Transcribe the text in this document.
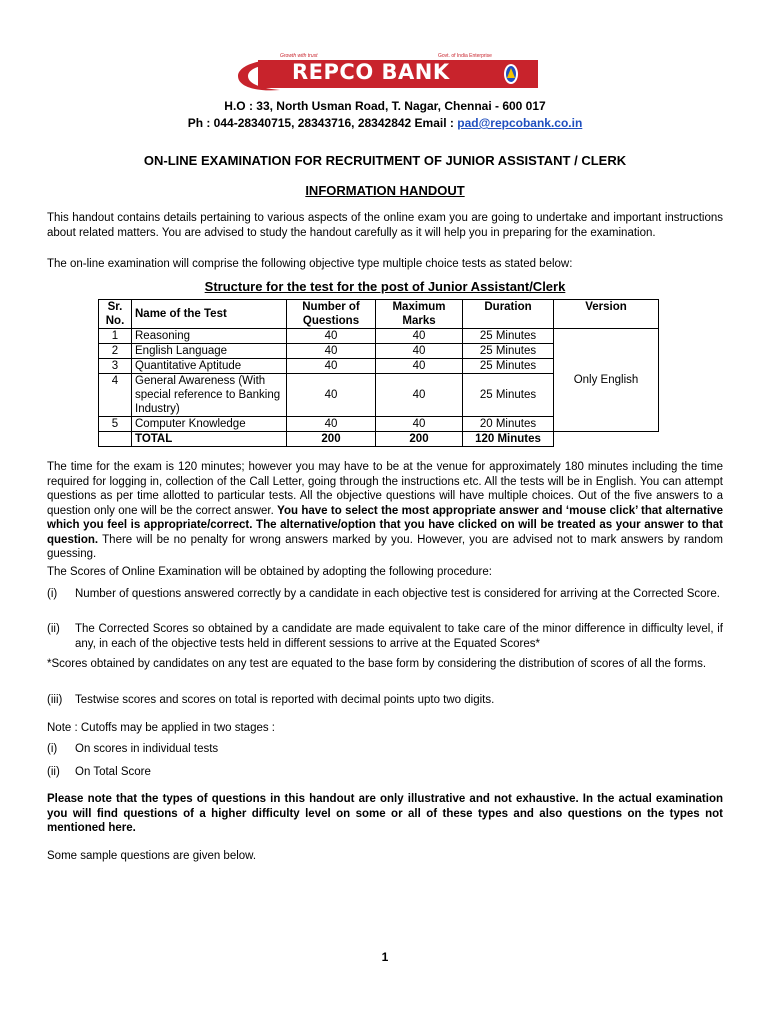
REPCO BANK
Growth with trust	Govt. of India Enterprise
H.O : 33, North Usman Road, T. Nagar, Chennai - 600 017
Ph : 044-28340715, 28343716, 28342842 Email : pad@repcobank.co.in
ON-LINE EXAMINATION FOR RECRUITMENT OF JUNIOR ASSISTANT / CLERK
INFORMATION HANDOUT
This handout contains details pertaining to various aspects of the online exam you are going to undertake and important instructions about related matters. You are advised to study the handout carefully as it will help you in preparing for the examination.
The on-line examination will comprise the following objective type multiple choice tests as stated below:
Structure for the test for the post of Junior Assistant/Clerk
Sr. No.	Name of the Test	Number of Questions	Maximum Marks	Duration	Version
1	Reasoning	40	40	25 Minutes	Only English
2	English Language	40	40	25 Minutes	
3	Quantitative Aptitude	40	40	25 Minutes	
4	General Awareness (With special reference to Banking Industry)	40	40	25 Minutes	
5	Computer Knowledge	40	40	20 Minutes	
	TOTAL	200	200	120 Minutes	
The time for the exam is 120 minutes; however you may have to be at the venue for approximately 180 minutes including the time required for logging in, collection of the Call Letter, going through the instructions etc. All the tests will be in English. You can attempt questions as per time allotted to particular tests. All the objective questions will have multiple choices. Out of the five answers to a question only one will be the correct answer. You have to select the most appropriate answer and ‘mouse click’ that alternative which you feel is appropriate/correct. The alternative/option that you have clicked on will be treated as your answer to that question. There will be no penalty for wrong answers marked by you. However, you are advised not to mark answers by random guessing.
The Scores of Online Examination will be obtained by adopting the following procedure:
(i) Number of questions answered correctly by a candidate in each objective test is considered for arriving at the Corrected Score.
(ii) The Corrected Scores so obtained by a candidate are made equivalent to take care of the minor difference in difficulty level, if any, in each of the objective tests held in different sessions to arrive at the Equated Scores*
*Scores obtained by candidates on any test are equated to the base form by considering the distribution of scores of all the forms.
(iii) Testwise scores and scores on total is reported with decimal points upto two digits.
Note : Cutoffs may be applied in two stages :
(i) On scores in individual tests
(ii) On Total Score
Please note that the types of questions in this handout are only illustrative and not exhaustive. In the actual examination you will find questions of a higher difficulty level on some or all of these types and also questions on the types not mentioned here.
Some sample questions are given below.
1
